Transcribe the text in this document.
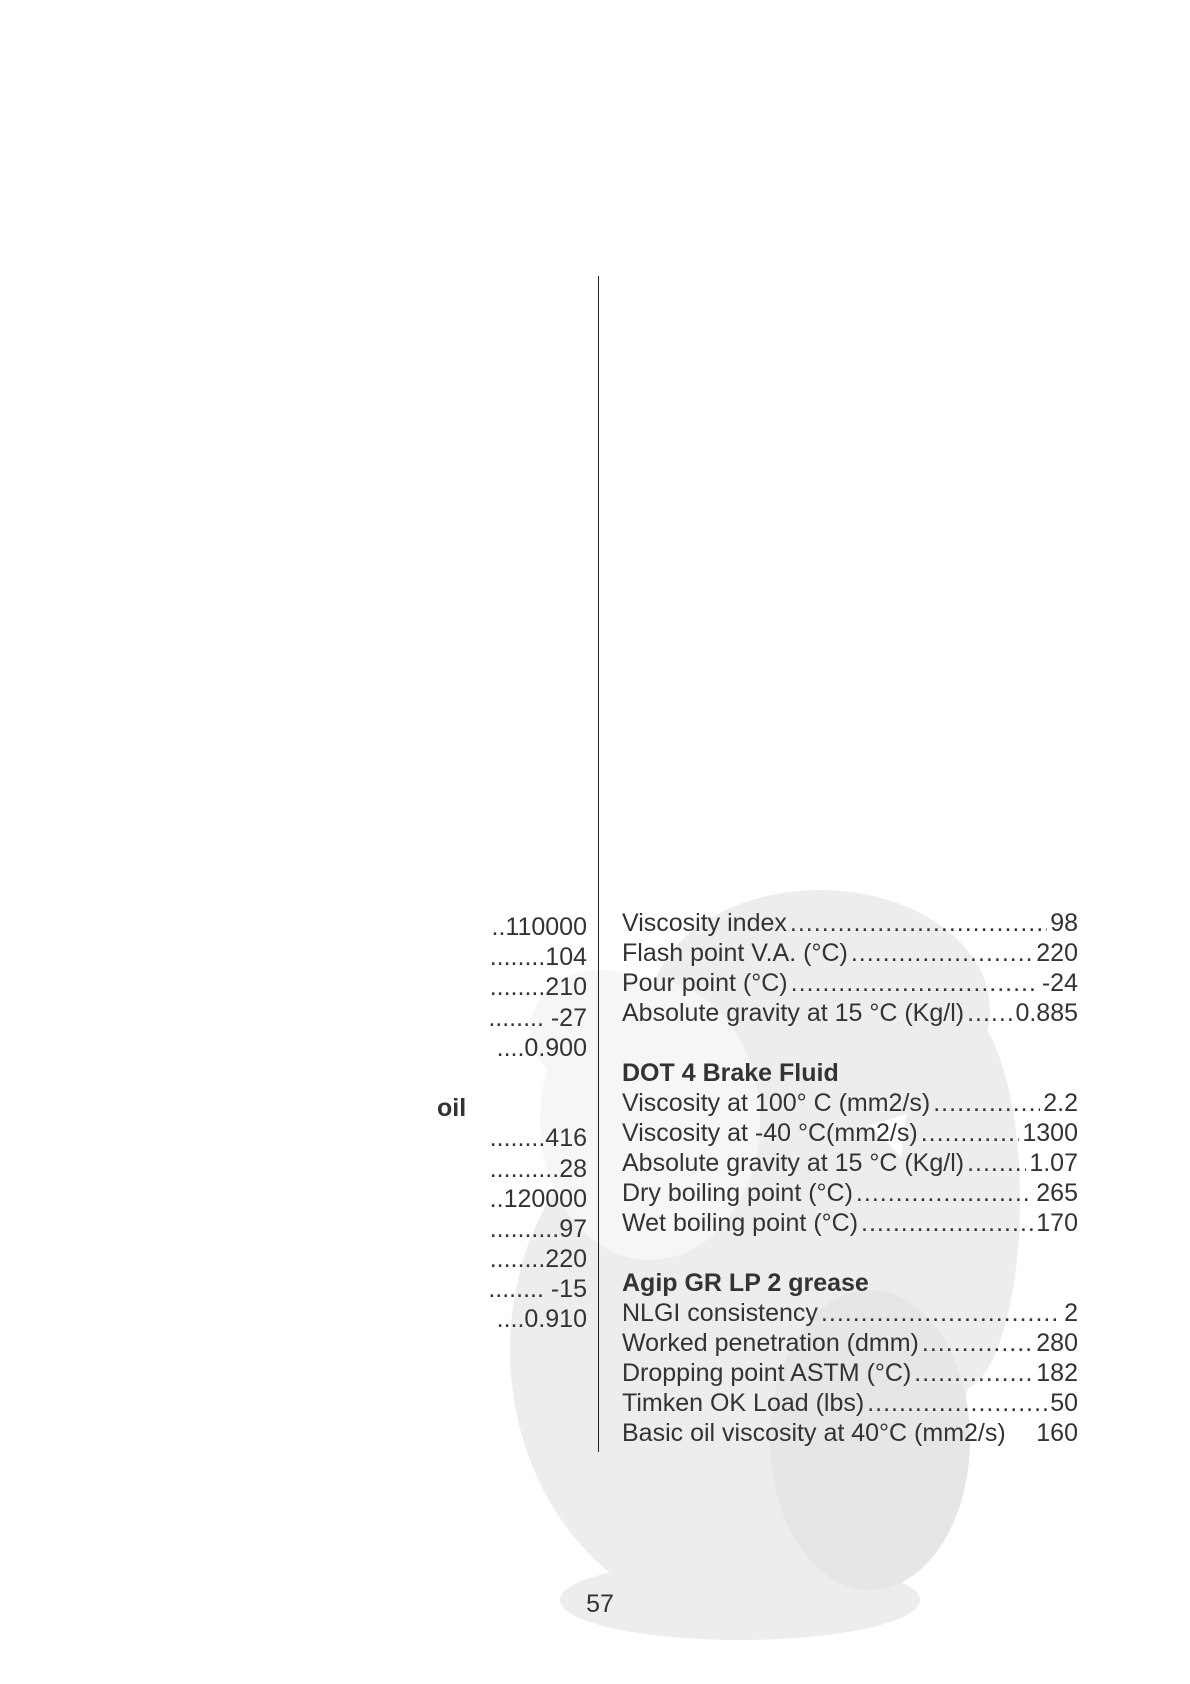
..110000
........104
........210
........ -27
....0.900
oil
........416
..........28
..120000
..........97
........220
........ -15
....0.910
Viscosity index .....	98
Flash point V.A. (°C) .....	220
Pour point (°C) .....	-24
Absolute gravity at 15 °C (Kg/l) ..... 0.885
DOT 4 Brake Fluid
Viscosity at 100° C (mm2/s) .....	2.2
Viscosity at -40 °C(mm2/s) .....	1300
Absolute gravity at 15 °C (Kg/l) .....	1.07
Dry boiling point (°C) .....	265
Wet boiling point (°C) .....	170
Agip GR LP 2 grease
NLGI consistency .....	2
Worked penetration (dmm) .....	280
Dropping point ASTM (°C) .....	182
Timken OK Load (lbs) .....	50
Basic oil viscosity at 40°C (mm2/s) 160
57
